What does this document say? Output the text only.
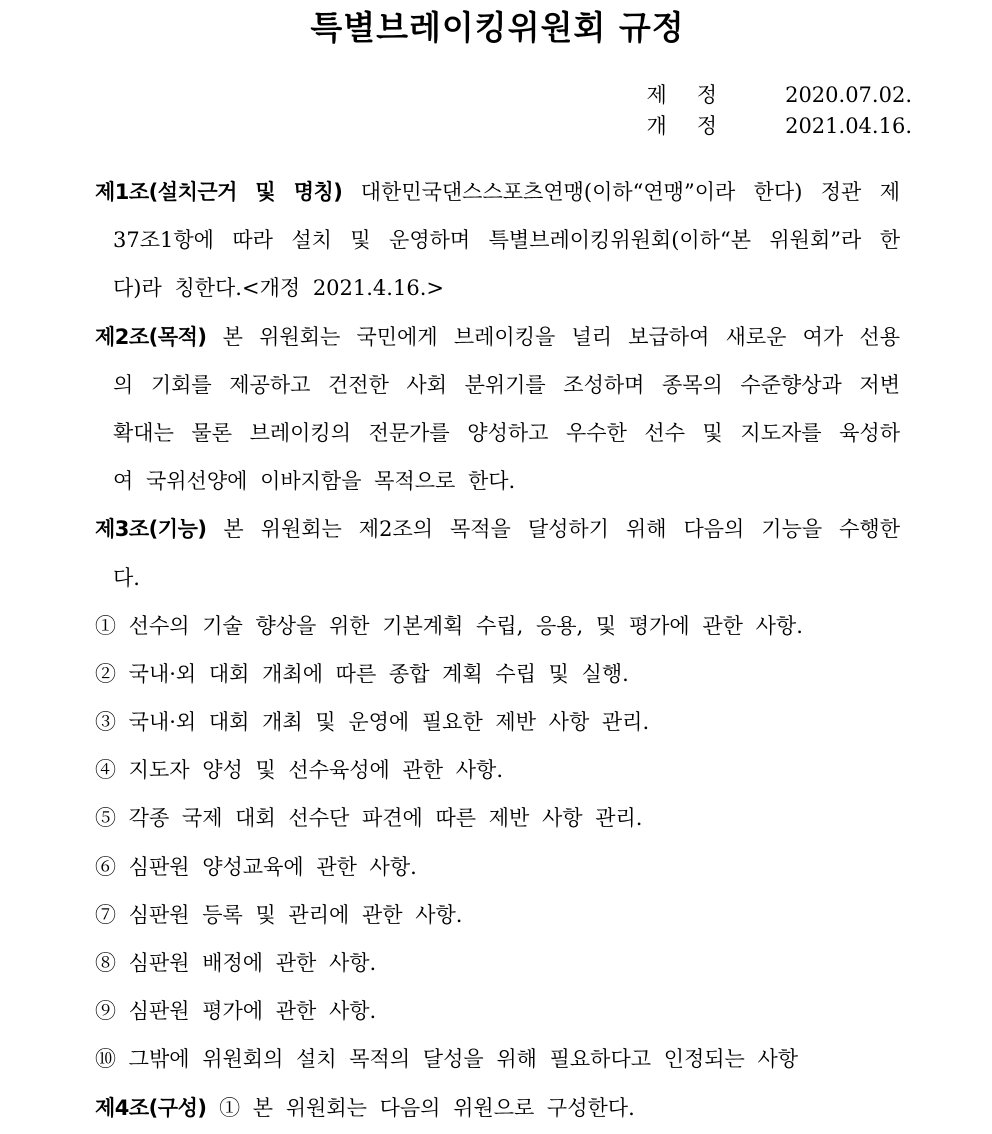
특별브레이킹위원회 규정
제 정	2020.07.02.
개 정	2021.04.16.
제1조(설치근거 및 명칭) 대한민국댄스스포츠연맹(이하“연맹”이라 한다) 정관 제
37조1항에 따라 설치 및 운영하며 특별브레이킹위원회(이하“본 위원회”라 한
다)라 칭한다.<개정 2021.4.16.>
제2조(목적) 본 위원회는 국민에게 브레이킹을 널리 보급하여 새로운 여가 선용
의 기회를 제공하고 건전한 사회 분위기를 조성하며 종목의 수준향상과 저변
확대는 물론 브레이킹의 전문가를 양성하고 우수한 선수 및 지도자를 육성하
여 국위선양에 이바지함을 목적으로 한다.
제3조(기능) 본 위원회는 제2조의 목적을 달성하기 위해 다음의 기능을 수행한
다.
① 선수의 기술 향상을 위한 기본계획 수립, 응용, 및 평가에 관한 사항.
② 국내·외 대회 개최에 따른 종합 계획 수립 및 실행.
③ 국내·외 대회 개최 및 운영에 필요한 제반 사항 관리.
④ 지도자 양성 및 선수육성에 관한 사항.
⑤ 각종 국제 대회 선수단 파견에 따른 제반 사항 관리.
⑥ 심판원 양성교육에 관한 사항.
⑦ 심판원 등록 및 관리에 관한 사항.
⑧ 심판원 배정에 관한 사항.
⑨ 심판원 평가에 관한 사항.
⑩ 그밖에 위원회의 설치 목적의 달성을 위해 필요하다고 인정되는 사항
제4조(구성) ① 본 위원회는 다음의 위원으로 구성한다.
